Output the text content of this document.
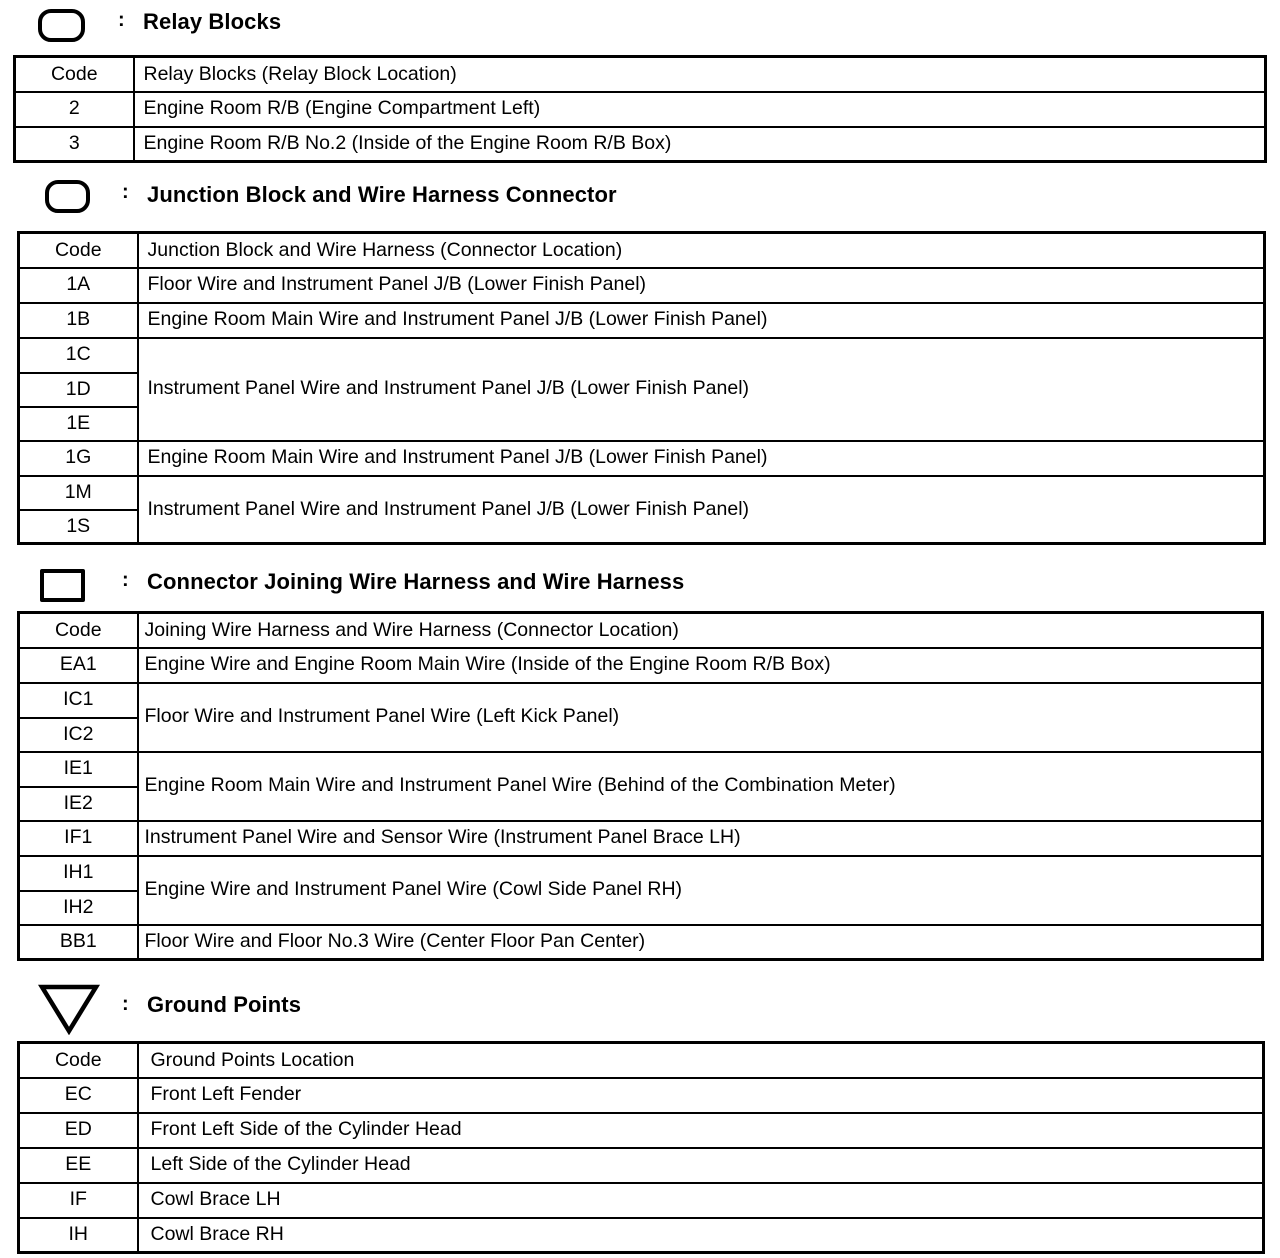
: Relay Blocks
Code	Relay Blocks (Relay Block Location)
2	Engine Room R/B (Engine Compartment Left)
3	Engine Room R/B No.2 (Inside of the Engine Room R/B Box)
: Junction Block and Wire Harness Connector
Code	Junction Block and Wire Harness (Connector Location)
1A	Floor Wire and Instrument Panel J/B (Lower Finish Panel)
1B	Engine Room Main Wire and Instrument Panel J/B (Lower Finish Panel)
1C	Instrument Panel Wire and Instrument Panel J/B (Lower Finish Panel)
1D	
1E	
1G	Engine Room Main Wire and Instrument Panel J/B (Lower Finish Panel)
1M	Instrument Panel Wire and Instrument Panel J/B (Lower Finish Panel)
1S	
: Connector Joining Wire Harness and Wire Harness
Code	Joining Wire Harness and Wire Harness (Connector Location)
EA1	Engine Wire and Engine Room Main Wire (Inside of the Engine Room R/B Box)
IC1	Floor Wire and Instrument Panel Wire (Left Kick Panel)
IC2	
IE1	Engine Room Main Wire and Instrument Panel Wire (Behind of the Combination Meter)
IE2	
IF1	Instrument Panel Wire and Sensor Wire (Instrument Panel Brace LH)
IH1	Engine Wire and Instrument Panel Wire (Cowl Side Panel RH)
IH2	
BB1	Floor Wire and Floor No.3 Wire (Center Floor Pan Center)
: Ground Points
Code	Ground Points Location
EC	Front Left Fender
ED	Front Left Side of the Cylinder Head
EE	Left Side of the Cylinder Head
IF	Cowl Brace LH
IH	Cowl Brace RH
